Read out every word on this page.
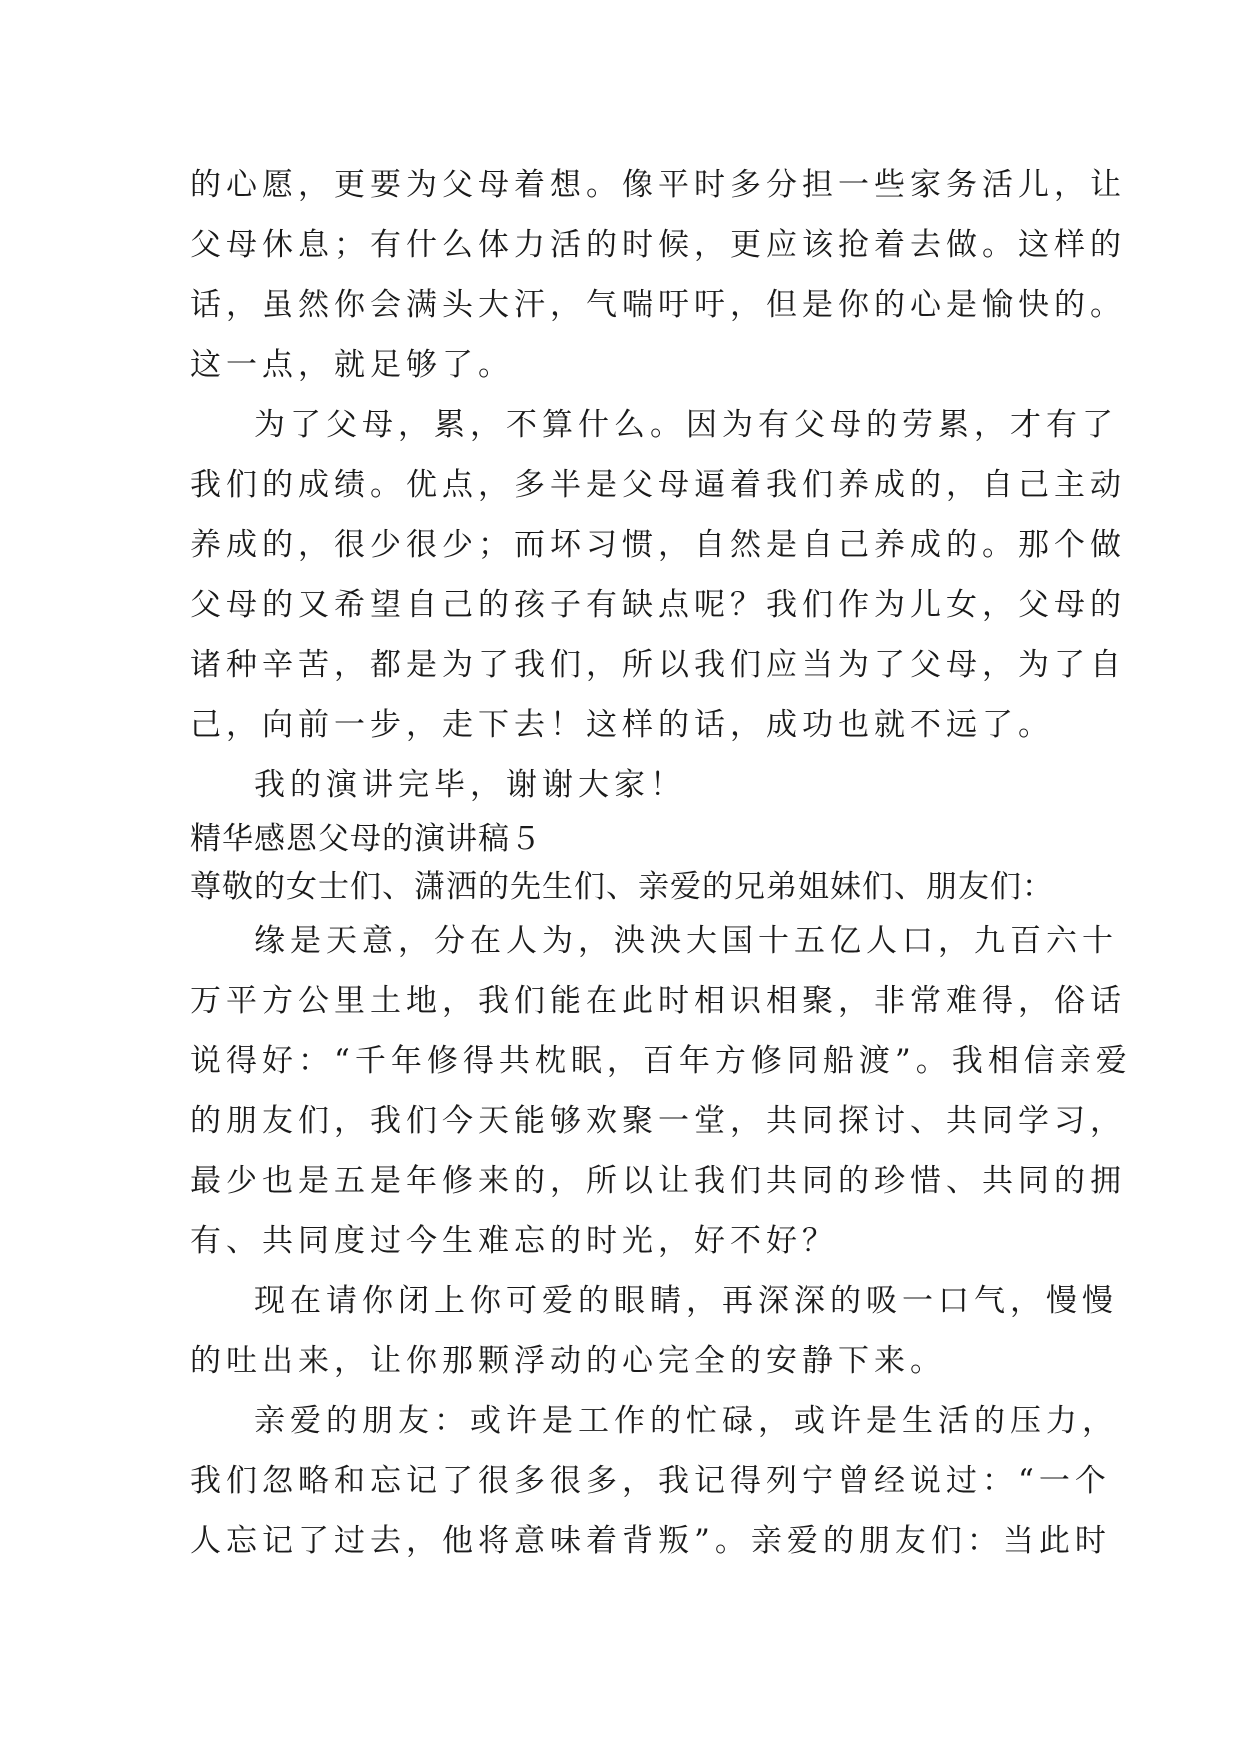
的心愿，更要为父母着想。像平时多分担一些家务活儿，让
父母休息；有什么体力活的时候，更应该抢着去做。这样的
话，虽然你会满头大汗，气喘吁吁，但是你的心是愉快的。
这一点，就足够了。
为了父母，累，不算什么。因为有父母的劳累，才有了
我们的成绩。优点，多半是父母逼着我们养成的，自己主动
养成的，很少很少；而坏习惯，自然是自己养成的。那个做
父母的又希望自己的孩子有缺点呢？我们作为儿女，父母的
诸种辛苦，都是为了我们，所以我们应当为了父母，为了自
己，向前一步，走下去！这样的话，成功也就不远了。
我的演讲完毕，谢谢大家！
精华感恩父母的演讲稿５
尊敬的女士们、潇洒的先生们、亲爱的兄弟姐妹们、朋友们：
缘是天意，分在人为，泱泱大国十五亿人口，九百六十
万平方公里土地，我们能在此时相识相聚，非常难得，俗话
说得好：“千年修得共枕眠，百年方修同船渡”。我相信亲爱
的朋友们，我们今天能够欢聚一堂，共同探讨、共同学习，
最少也是五是年修来的，所以让我们共同的珍惜、共同的拥
有、共同度过今生难忘的时光，好不好？
现在请你闭上你可爱的眼睛，再深深的吸一口气，慢慢
的吐出来，让你那颗浮动的心完全的安静下来。
亲爱的朋友：或许是工作的忙碌，或许是生活的压力，
我们忽略和忘记了很多很多，我记得列宁曾经说过：“一个
人忘记了过去，他将意味着背叛”。亲爱的朋友们：当此时
